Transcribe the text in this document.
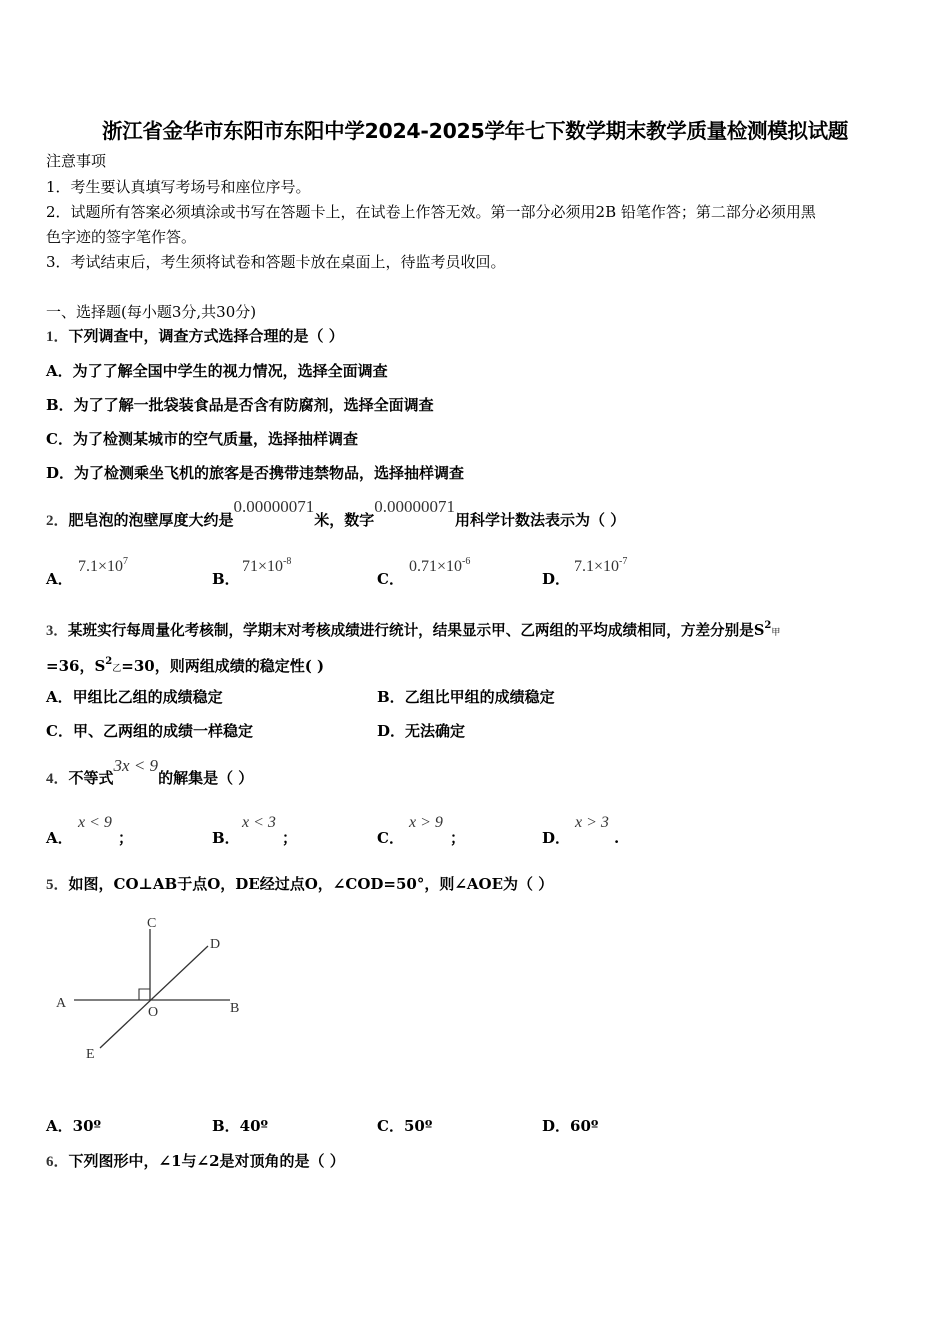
浙江省金华市东阳市东阳中学2024-2025学年七下数学期末教学质量检测模拟试题
注意事项
1．考生要认真填写考场号和座位序号。
2．试题所有答案必须填涂或书写在答题卡上，在试卷上作答无效。第一部分必须用2B 铅笔作答；第二部分必须用黑
色字迹的签字笔作答。
3．考试结束后，考生须将试卷和答题卡放在桌面上，待监考员收回。
一、选择题(每小题3分,共30分)
1．下列调查中，调查方式选择合理的是（ ）
A．为了了解全国中学生的视力情况，选择全面调查
B．为了了解一批袋装食品是否含有防腐剂，选择全面调查
C．为了检测某城市的空气质量，选择抽样调查
D．为了检测乘坐飞机的旅客是否携带违禁物品，选择抽样调查
2．肥皂泡的泡壁厚度大约是0.00000071米，数字0.00000071用科学计数法表示为（ ）
A．
$7.1\times 10^7$
B．
$71\times 10^{-8}$
C．
$0.71\times 10^{-6}$
D．
$7.1\times 10^{-7}$
3．某班实行每周量化考核制，学期末对考核成绩进行统计，结果显示甲、乙两组的平均成绩相同，方差分别是$S^2$甲
=36，$S^2$乙=30，则两组成绩的稳定性( )
A．甲组比乙组的成绩稳定	B．乙组比甲组的成绩稳定
C．甲、乙两组的成绩一样稳定	D．无法确定
4．不等式3x < 9的解集是（ ）
A．
x < 9
；	B．
x < 3
；	C．
x > 9
；	D．
x > 3
.
5．如图，CO⊥AB于点O，DE经过点O，∠COD=50°，则∠AOE为（ ）
C
D
A
O	B
E
A．30º	B．40º	C．50º	D．60º
6．下列图形中，∠1与∠2是对顶角的是（ ）
